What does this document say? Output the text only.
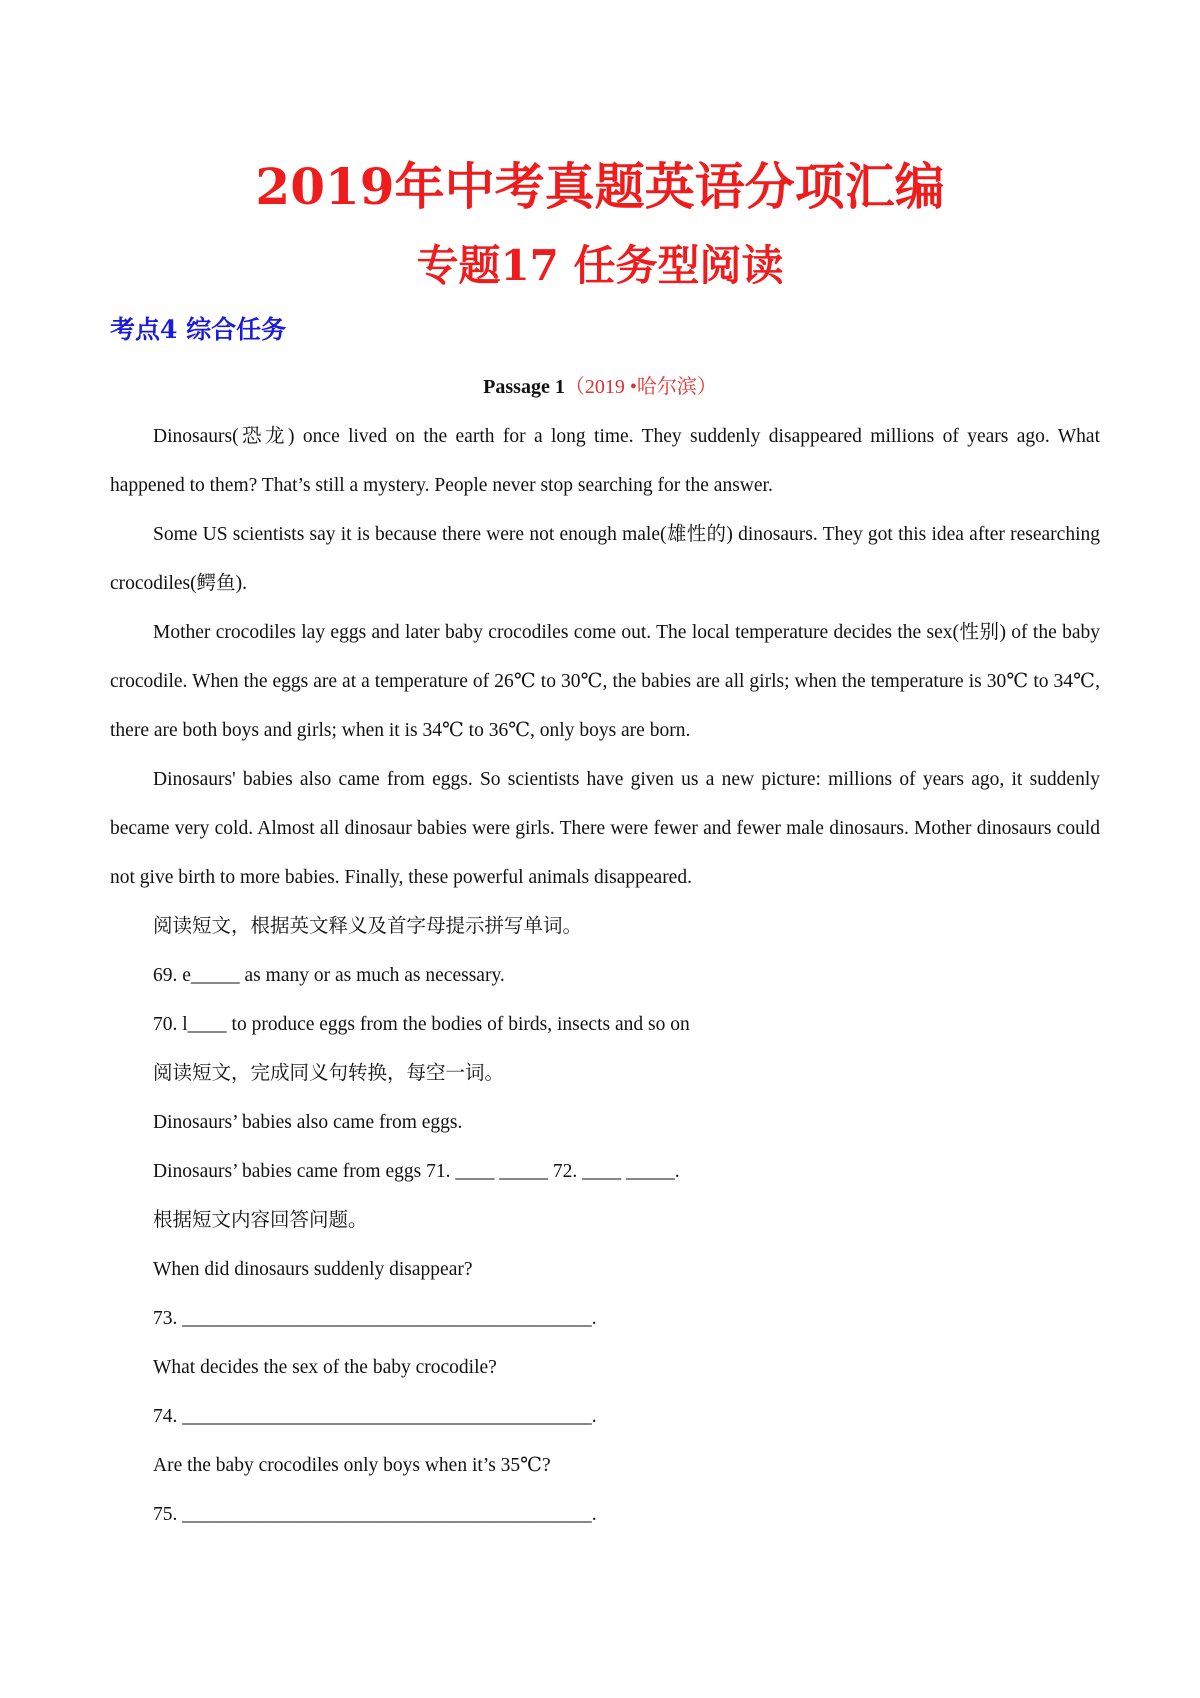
2019年中考真题英语分项汇编
专题17 任务型阅读
考点4 综合任务
Passage 1（2019 •哈尔滨）

Dinosaurs(恐龙) once lived on the earth for a long time. They suddenly disappeared millions of years ago. What happened to them? That’s still a mystery. People never stop searching for the answer.

Some US scientists say it is because there were not enough male(雄性的) dinosaurs. They got this idea after researching crocodiles(鳄鱼).

Mother crocodiles lay eggs and later baby crocodiles come out. The local temperature decides the sex(性别) of the baby crocodile. When the eggs are at a temperature of 26℃ to 30℃, the babies are all girls; when the temperature is 30℃ to 34℃, there are both boys and girls; when it is 34℃ to 36℃, only boys are born.

Dinosaurs' babies also came from eggs. So scientists have given us a new picture: millions of years ago, it suddenly became very cold. Almost all dinosaur babies were girls. There were fewer and fewer male dinosaurs. Mother dinosaurs could not give birth to more babies. Finally, these powerful animals disappeared.

阅读短文，根据英文释义及首字母提示拼写单词。

69. e_____ as many or as much as necessary.

70. l____ to produce eggs from the bodies of birds, insects and so on

阅读短文，完成同义句转换，每空一词。

Dinosaurs’ babies also came from eggs.

Dinosaurs’ babies came from eggs 71. ____ _____ 72. ____ _____.

根据短文内容回答问题。

When did dinosaurs suddenly disappear?

73. __________________________________________.

What decides the sex of the baby crocodile?

74. __________________________________________.

Are the baby crocodiles only boys when it’s 35℃?

75. __________________________________________.
